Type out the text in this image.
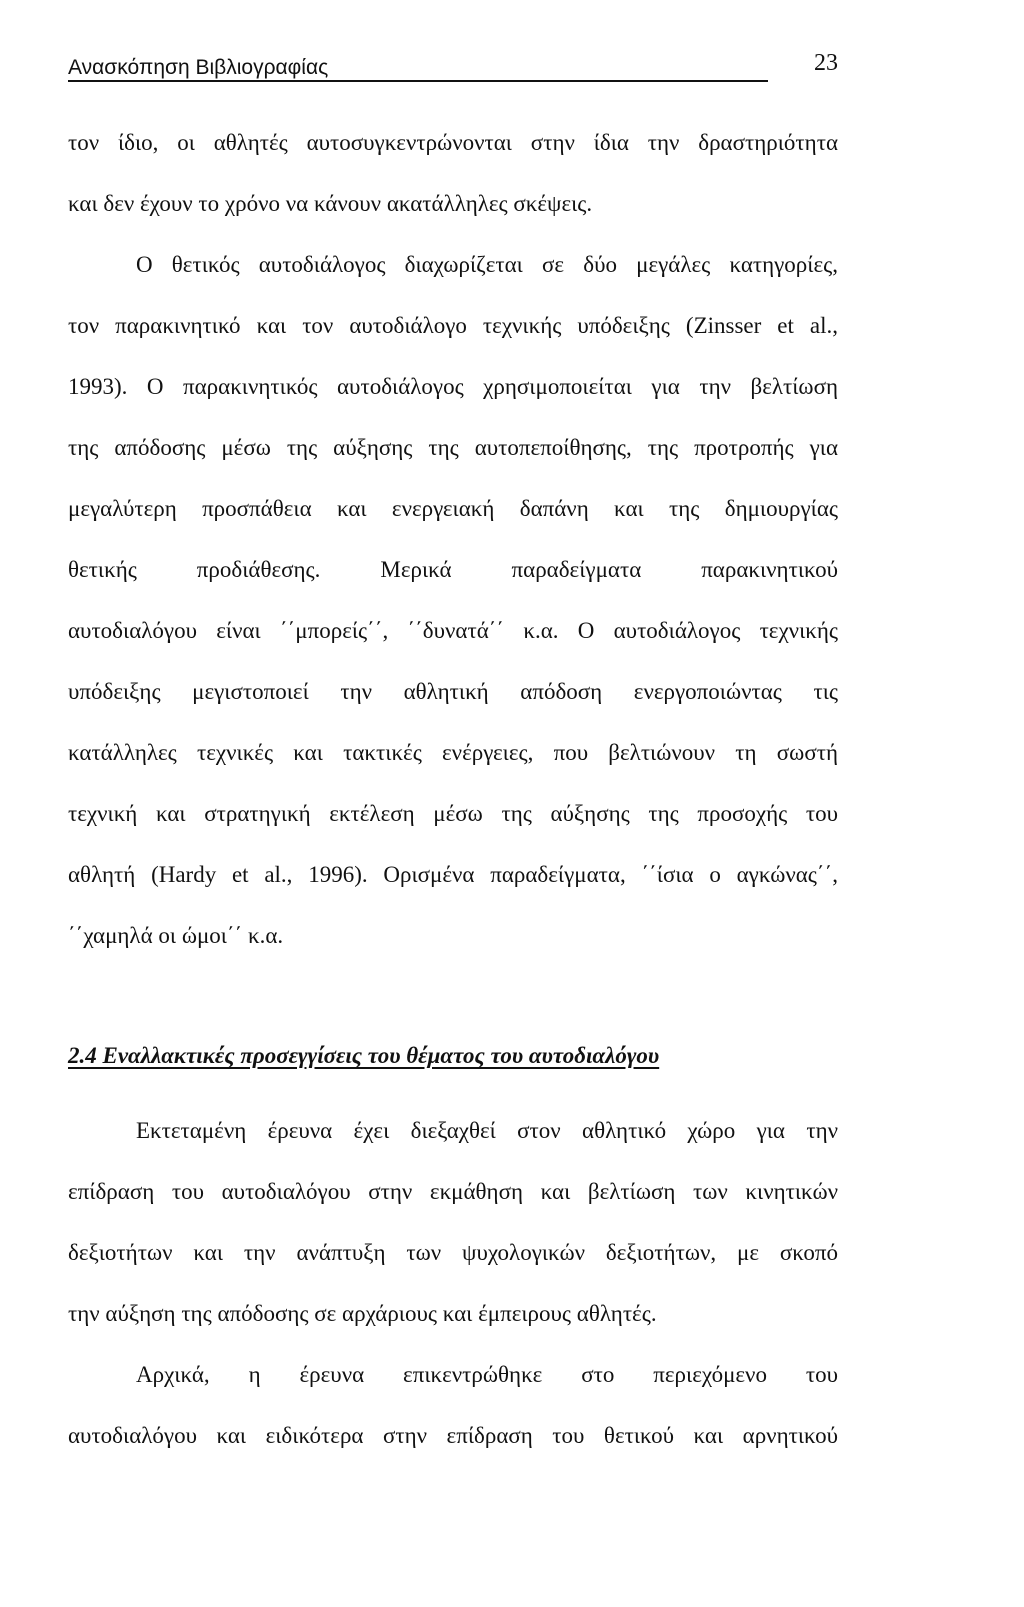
Ανασκόπηση Βιβλιογραφίας	23
τον ίδιο, οι αθλητές αυτοσυγκεντρώνονται στην ίδια την δραστηριότητα
και δεν έχουν το χρόνο να κάνουν ακατάλληλες σκέψεις.
Ο θετικός αυτοδιάλογος διαχωρίζεται σε δύο μεγάλες κατηγορίες,
τον παρακινητικό και τον αυτοδιάλογο τεχνικής υπόδειξης (Zinsser et al.,
1993). Ο παρακινητικός αυτοδιάλογος χρησιμοποιείται για την βελτίωση
της απόδοσης μέσω της αύξησης της αυτοπεποίθησης, της προτροπής για
μεγαλύτερη προσπάθεια και ενεργειακή δαπάνη και της δημιουργίας
θετικής προδιάθεσης. Μερικά παραδείγματα παρακινητικού
αυτοδιαλόγου είναι ΄΄μπορείς΄΄, ΄΄δυνατά΄΄ κ.α. Ο αυτοδιάλογος τεχνικής
υπόδειξης μεγιστοποιεί την αθλητική απόδοση ενεργοποιώντας τις
κατάλληλες τεχνικές και τακτικές ενέργειες, που βελτιώνουν τη σωστή
τεχνική και στρατηγική εκτέλεση μέσω της αύξησης της προσοχής του
αθλητή (Hardy et al., 1996). Ορισμένα παραδείγματα, ΄΄ίσια ο αγκώνας΄΄,
΄΄χαμηλά οι ώμοι΄΄ κ.α.
2.4 Εναλλακτικές προσεγγίσεις του θέματος του αυτοδιαλόγου
Εκτεταμένη έρευνα έχει διεξαχθεί στον αθλητικό χώρο για την
επίδραση του αυτοδιαλόγου στην εκμάθηση και βελτίωση των κινητικών
δεξιοτήτων και την ανάπτυξη των ψυχολογικών δεξιοτήτων, με σκοπό
την αύξηση της απόδοσης σε αρχάριους και έμπειρους αθλητές.
Αρχικά, η έρευνα επικεντρώθηκε στο περιεχόμενο του
αυτοδιαλόγου και ειδικότερα στην επίδραση του θετικού και αρνητικού
